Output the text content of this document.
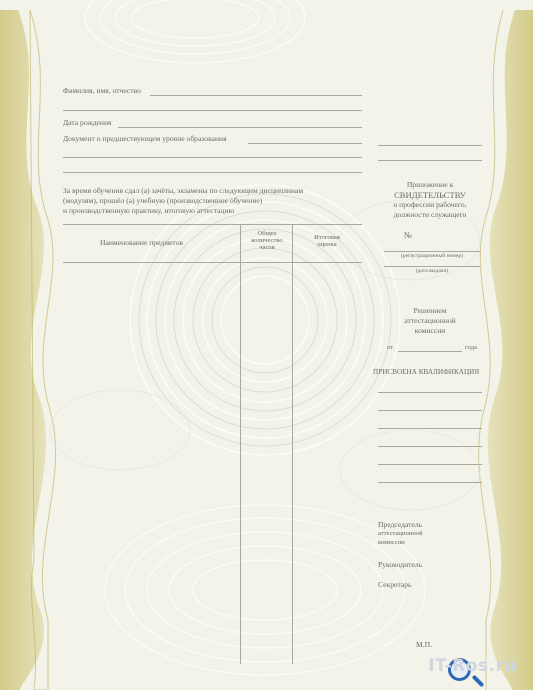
Фамилия, имя, отчество
Дата рождения
Документ о предшествующем уровне образования
За время обучения сдал (а) зачёты, экзамены по следующим дисциплинам
(модулям), прошёл (а) учебную (производственное обучение)
и производственную практику, итоговую аттестацию
Наименование предметов
Общее
количество
часов
Итоговая
оценка
Приложение к
СВИДЕТЕЛЬСТВУ
о профессии рабочего,
должности служащего
№
(регистрационный номер)
(дата выдачи)
Решением
аттестационной
комиссии
от	года
ПРИСВОЕНА КВАЛИФИКАЦИЯ
Председатель
аттестационной
комиссии
Руководитель
Секретарь
М.П.
IT-Ros.ru
